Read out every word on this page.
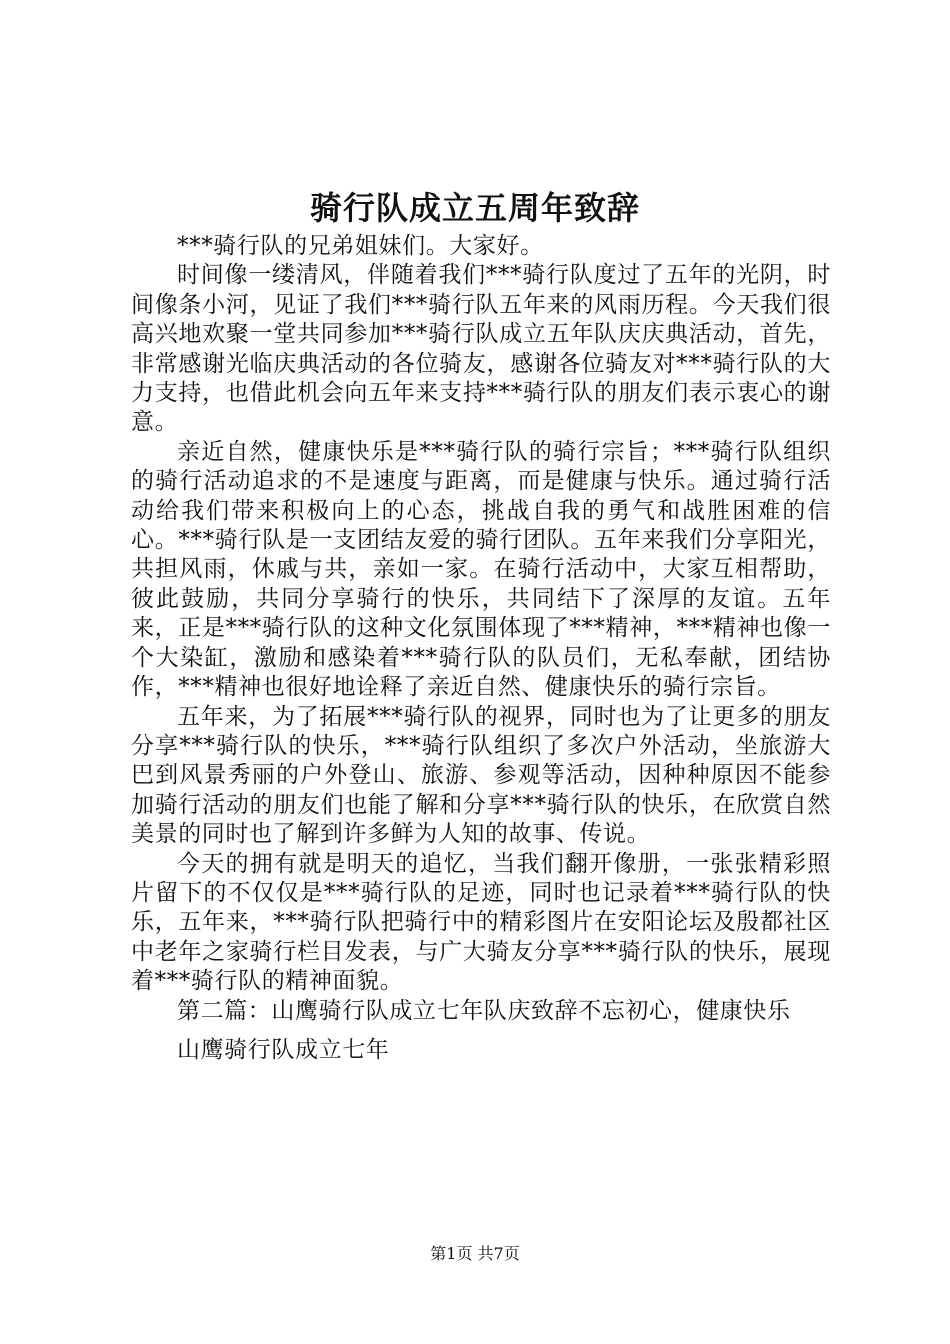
骑行队成立五周年致辞

***骑行队的兄弟姐妹们。大家好。

时间像一缕清风，伴随着我们***骑行队度过了五年的光阴，时间像条小河，见证了我们***骑行队五年来的风雨历程。今天我们很高兴地欢聚一堂共同参加***骑行队成立五年队庆庆典活动，首先，非常感谢光临庆典活动的各位骑友，感谢各位骑友对***骑行队的大力支持，也借此机会向五年来支持***骑行队的朋友们表示衷心的谢意。

亲近自然，健康快乐是***骑行队的骑行宗旨；***骑行队组织的骑行活动追求的不是速度与距离，而是健康与快乐。通过骑行活动给我们带来积极向上的心态，挑战自我的勇气和战胜困难的信心。***骑行队是一支团结友爱的骑行团队。五年来我们分享阳光，共担风雨，休戚与共，亲如一家。在骑行活动中，大家互相帮助，彼此鼓励，共同分享骑行的快乐，共同结下了深厚的友谊。五年来，正是***骑行队的这种文化氛围体现了***精神，***精神也像一个大染缸，激励和感染着***骑行队的队员们，无私奉献，团结协作，***精神也很好地诠释了亲近自然、健康快乐的骑行宗旨。

五年来，为了拓展***骑行队的视界，同时也为了让更多的朋友分享***骑行队的快乐，***骑行队组织了多次户外活动，坐旅游大巴到风景秀丽的户外登山、旅游、参观等活动，因种种原因不能参加骑行活动的朋友们也能了解和分享***骑行队的快乐，在欣赏自然美景的同时也了解到许多鲜为人知的故事、传说。

今天的拥有就是明天的追忆，当我们翻开像册，一张张精彩照片留下的不仅仅是***骑行队的足迹，同时也记录着***骑行队的快乐，五年来，***骑行队把骑行中的精彩图片在安阳论坛及殷都社区中老年之家骑行栏目发表，与广大骑友分享***骑行队的快乐，展现着***骑行队的精神面貌。

第二篇：山鹰骑行队成立七年队庆致辞不忘初心，健康快乐

山鹰骑行队成立七年

第1页 共7页
